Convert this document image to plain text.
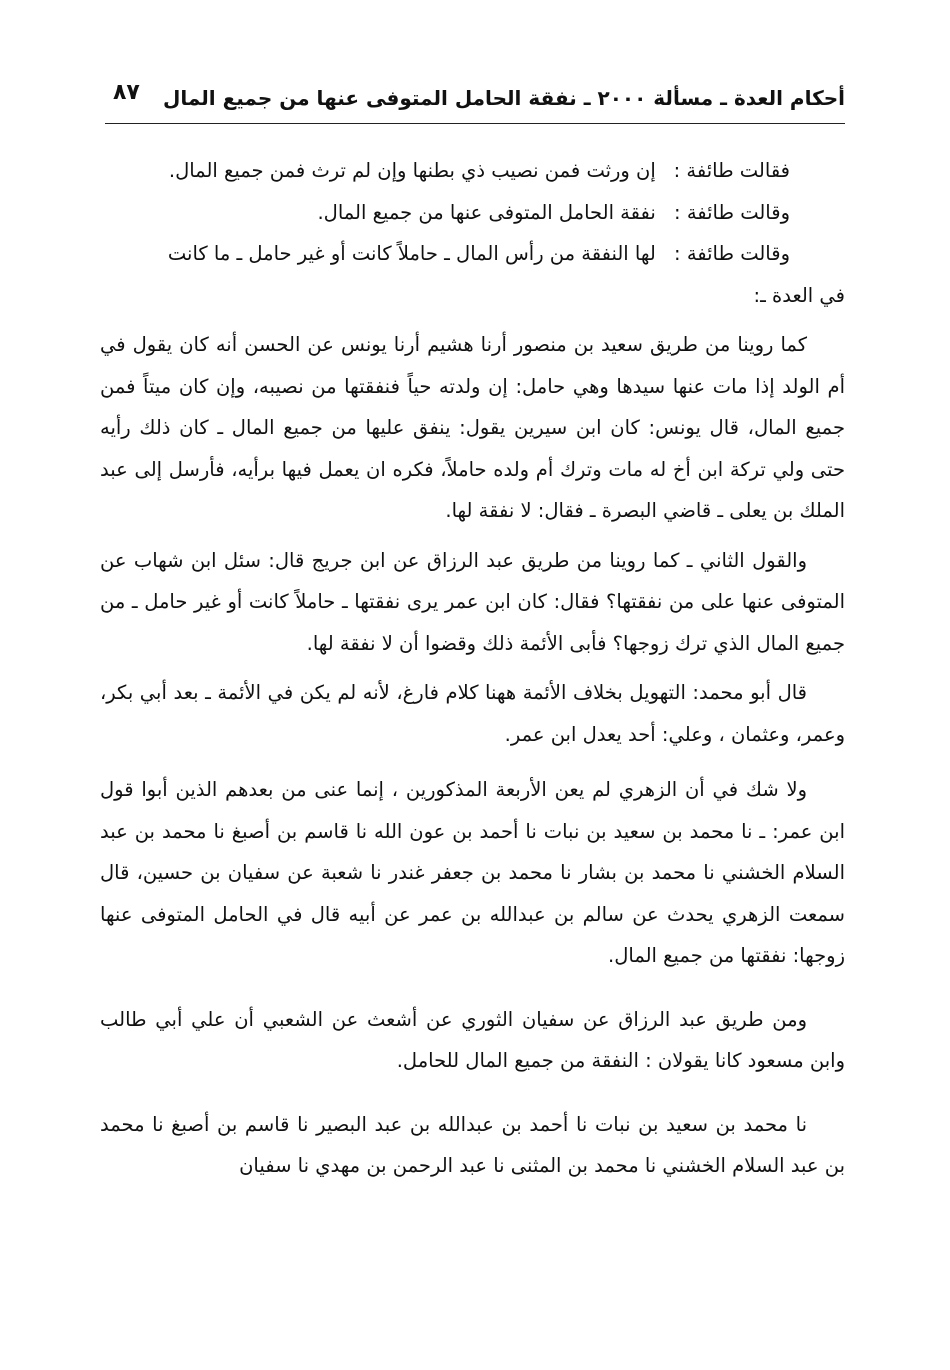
أحكام العدة ـ مسألة ٢٠٠٠ ـ نفقة الحامل المتوفى عنها من جميع المال
٨٧

فقالت طائفة : إن ورثت فمن نصيب ذي بطنها وإن لم ترث فمن جميع المال.

وقالت طائفة : نفقة الحامل المتوفى عنها من جميع المال.

وقالت طائفة : لها النفقة من رأس المال ـ حاملاً كانت أو غير حامل ـ ما كانت
في العدة ـ:

كما روينا من طريق سعيد بن منصور أرنا هشيم أرنا يونس عن الحسن أنه كان يقول في أم الولد إذا مات عنها سيدها وهي حامل: إن ولدته حياً فنفقتها من نصيبه، وإن كان ميتاً فمن جميع المال، قال يونس: كان ابن سيرين يقول: ينفق عليها من جميع المال ـ كان ذلك رأيه حتى ولي تركة ابن أخ له مات وترك أم ولده حاملاً، فكره ان يعمل فيها برأيه، فأرسل إلى عبد الملك بن يعلى ـ قاضي البصرة ـ فقال: لا نفقة لها.

والقول الثاني ـ كما روينا من طريق عبد الرزاق عن ابن جريج قال: سئل ابن شهاب عن المتوفى عنها على من نفقتها؟ فقال: كان ابن عمر يرى نفقتها ـ حاملاً كانت أو غير حامل ـ من جميع المال الذي ترك زوجها؟ فأبى الأئمة ذلك وقضوا أن لا نفقة لها.

قال أبو محمد: التهويل بخلاف الأئمة ههنا كلام فارغ، لأنه لم يكن في الأئمة ـ بعد أبي بكر، وعمر، وعثمان ، وعلي: أحد يعدل ابن عمر.

ولا شك في أن الزهري لم يعن الأربعة المذكورين ، إنما عنى من بعدهم الذين أبوا قول ابن عمر: ـ نا محمد بن سعيد بن نبات نا أحمد بن عون الله نا قاسم بن أصبغ نا محمد بن عبد السلام الخشني نا محمد بن بشار نا محمد بن جعفر غندر نا شعبة عن سفيان بن حسين، قال سمعت الزهري يحدث عن سالم بن عبدالله بن عمر عن أبيه قال في الحامل المتوفى عنها زوجها: نفقتها من جميع المال.

ومن طريق عبد الرزاق عن سفيان الثوري عن أشعث عن الشعبي أن علي أبي طالب وابن مسعود كانا يقولان : النفقة من جميع المال للحامل.

نا محمد بن سعيد بن نبات نا أحمد بن عبدالله بن عبد البصير نا قاسم بن أصبغ نا محمد بن عبد السلام الخشني نا محمد بن المثنى نا عبد الرحمن بن مهدي نا سفيان
